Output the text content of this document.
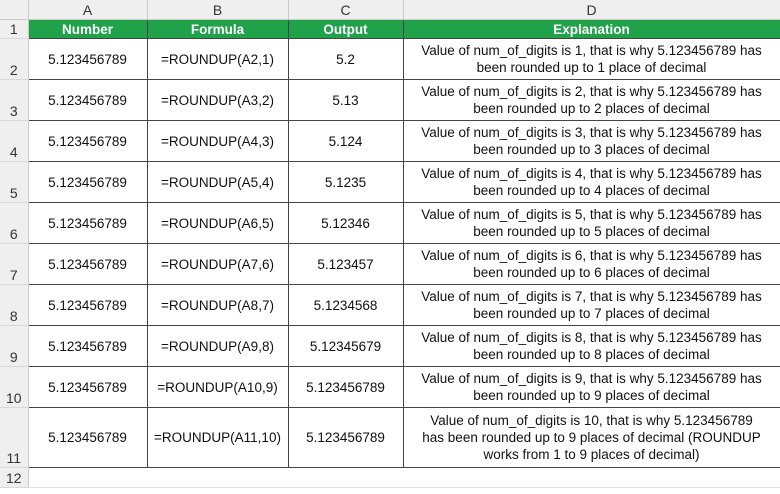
	A	B	C	D
1	Number	Formula	Output	Explanation
2	5.123456789	=ROUNDUP(A2,1)	5.2	Value of num_of_digits is 1, that is why 5.123456789 has
been rounded up to 1 place of decimal

3	5.123456789	=ROUNDUP(A3,2)	5.13	Value of num_of_digits is 2, that is why 5.123456789 has
been rounded up to 2 places of decimal

4	5.123456789	=ROUNDUP(A4,3)	5.124	Value of num_of_digits is 3, that is why 5.123456789 has
been rounded up to 3 places of decimal

5	5.123456789	=ROUNDUP(A5,4)	5.1235	Value of num_of_digits is 4, that is why 5.123456789 has
been rounded up to 4 places of decimal

6	5.123456789	=ROUNDUP(A6,5)	5.12346	Value of num_of_digits is 5, that is why 5.123456789 has
been rounded up to 5 places of decimal

7	5.123456789	=ROUNDUP(A7,6)	5.123457	Value of num_of_digits is 6, that is why 5.123456789 has
been rounded up to 6 places of decimal

8	5.123456789	=ROUNDUP(A8,7)	5.1234568	Value of num_of_digits is 7, that is why 5.123456789 has
been rounded up to 7 places of decimal

9	5.123456789	=ROUNDUP(A9,8)	5.12345679	Value of num_of_digits is 8, that is why 5.123456789 has
been rounded up to 8 places of decimal

10	5.123456789	=ROUNDUP(A10,9)	5.123456789	Value of num_of_digits is 9, that is why 5.123456789 has
been rounded up to 9 places of decimal

11	5.123456789	=ROUNDUP(A11,10)	5.123456789	Value of num_of_digits is 10, that is why 5.123456789
has been rounded up to 9 places of decimal (ROUNDUP
works from 1 to 9 places of decimal)

12				
